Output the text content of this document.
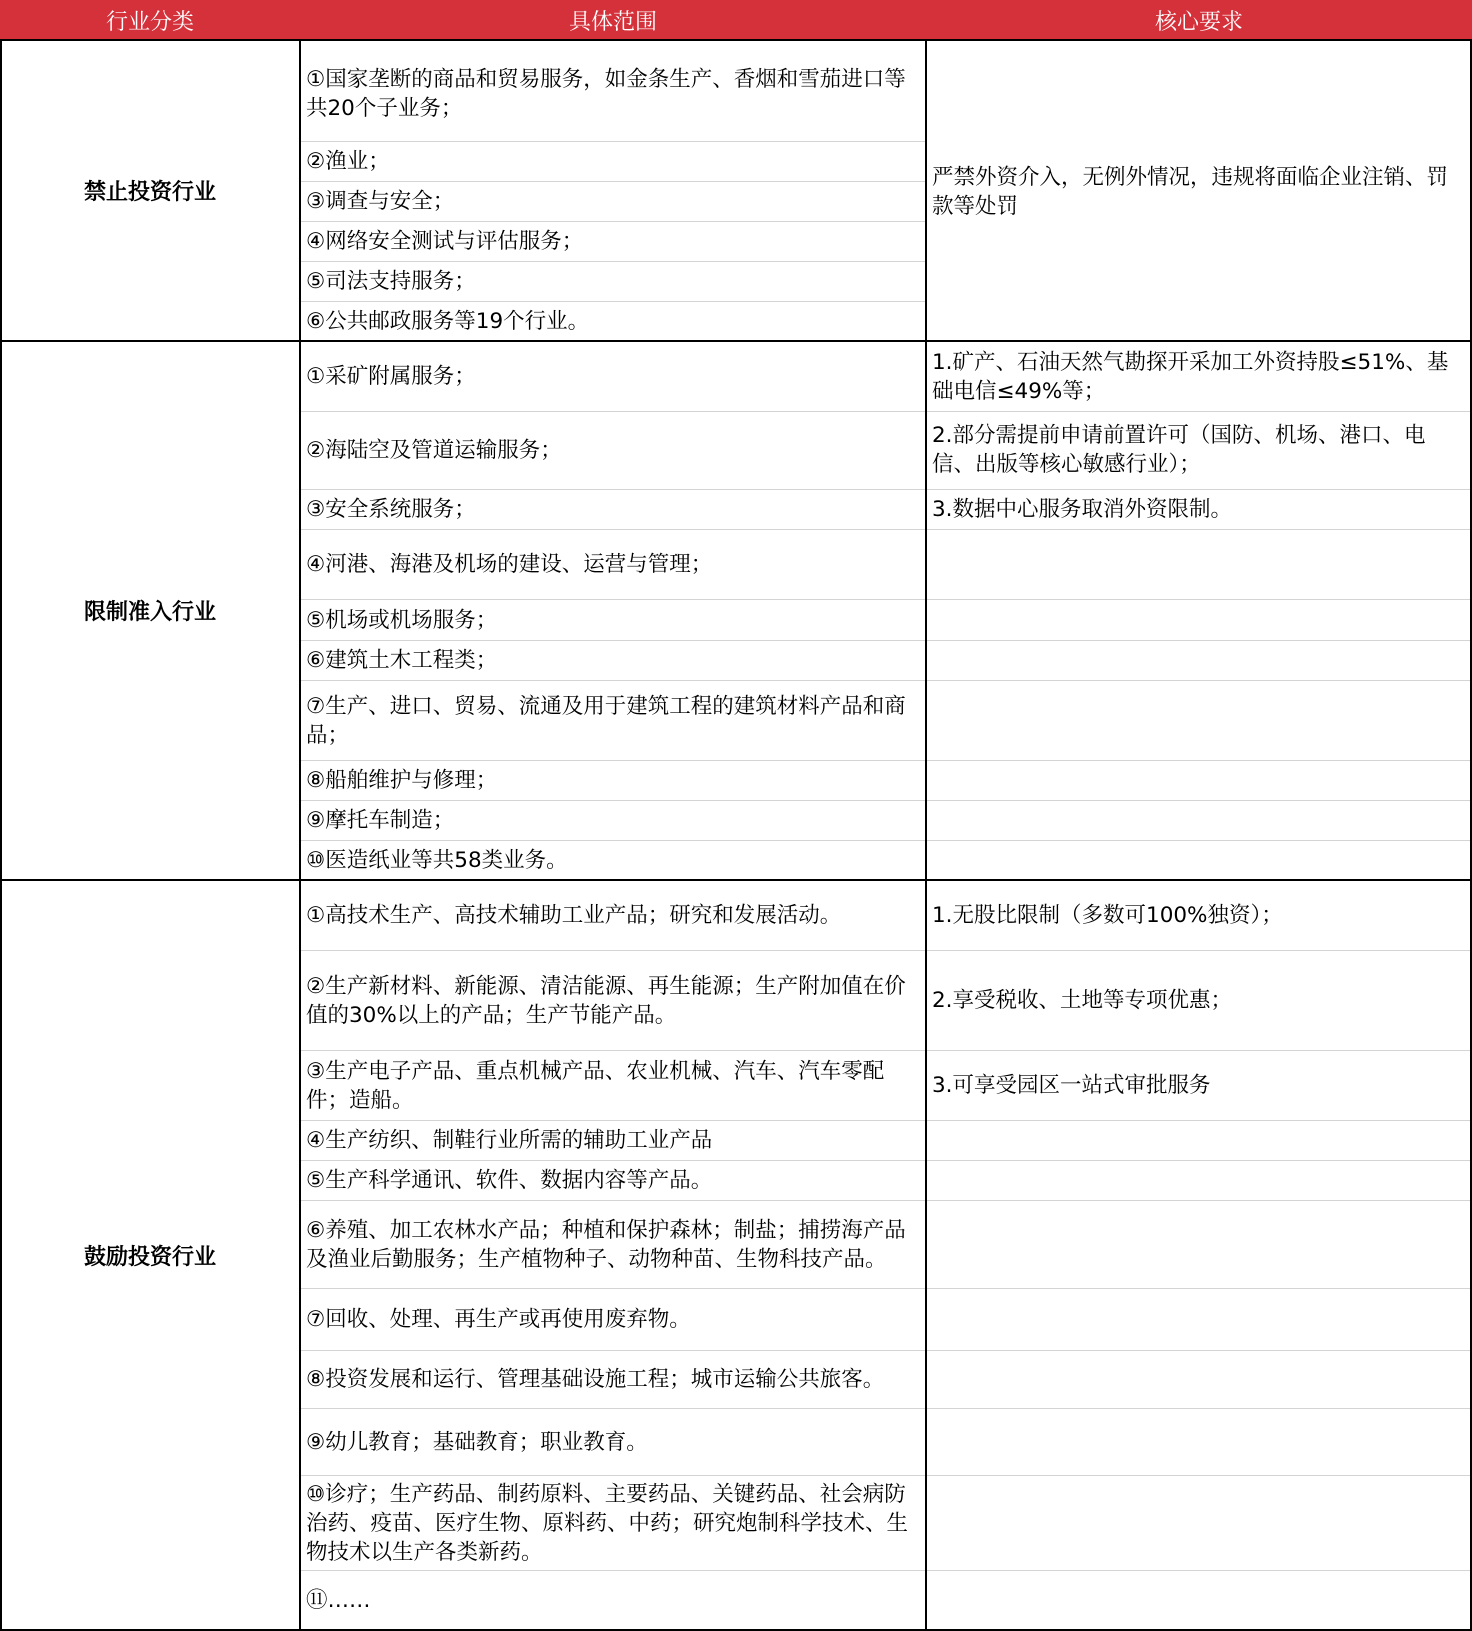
行业分类	具体范围	核心要求
禁止投资行业
①国家垄断的商品和贸易服务，如金条生产、香烟和雪茄进口等共20个子业务；
②渔业；
③调查与安全；
④网络安全测试与评估服务；
⑤司法支持服务；
⑥公共邮政服务等19个行业。
严禁外资介入，无例外情况，违规将面临企业注销、罚款等处罚
限制准入行业
①采矿附属服务；
②海陆空及管道运输服务；
③安全系统服务；
④河港、海港及机场的建设、运营与管理；
⑤机场或机场服务；
⑥建筑土木工程类；
⑦生产、进口、贸易、流通及用于建筑工程的建筑材料产品和商品；
⑧船舶维护与修理；
⑨摩托车制造；
⑩医造纸业等共58类业务。
1.矿产、石油天然气勘探开采加工外资持股≤51%、基础电信≤49%等；
2.部分需提前申请前置许可（国防、机场、港口、电信、出版等核心敏感行业）；
3.数据中心服务取消外资限制。
鼓励投资行业
①高技术生产、高技术辅助工业产品；研究和发展活动。
②生产新材料、新能源、清洁能源、再生能源；生产附加值在价值的30%以上的产品；生产节能产品。
③生产电子产品、重点机械产品、农业机械、汽车、汽车零配件；造船。
④生产纺织、制鞋行业所需的辅助工业产品
⑤生产科学通讯、软件、数据内容等产品。
⑥养殖、加工农林水产品；种植和保护森林；制盐；捕捞海产品及渔业后勤服务；生产植物种子、动物种苗、生物科技产品。
⑦回收、处理、再生产或再使用废弃物。
⑧投资发展和运行、管理基础设施工程；城市运输公共旅客。
⑨幼儿教育；基础教育；职业教育。
⑩诊疗；生产药品、制药原料、主要药品、关键药品、社会病防治药、疫苗、医疗生物、原料药、中药；研究炮制科学技术、生物技术以生产各类新药。
⑪……
1.无股比限制（多数可100%独资）；
2.享受税收、土地等专项优惠；
3.可享受园区一站式审批服务
